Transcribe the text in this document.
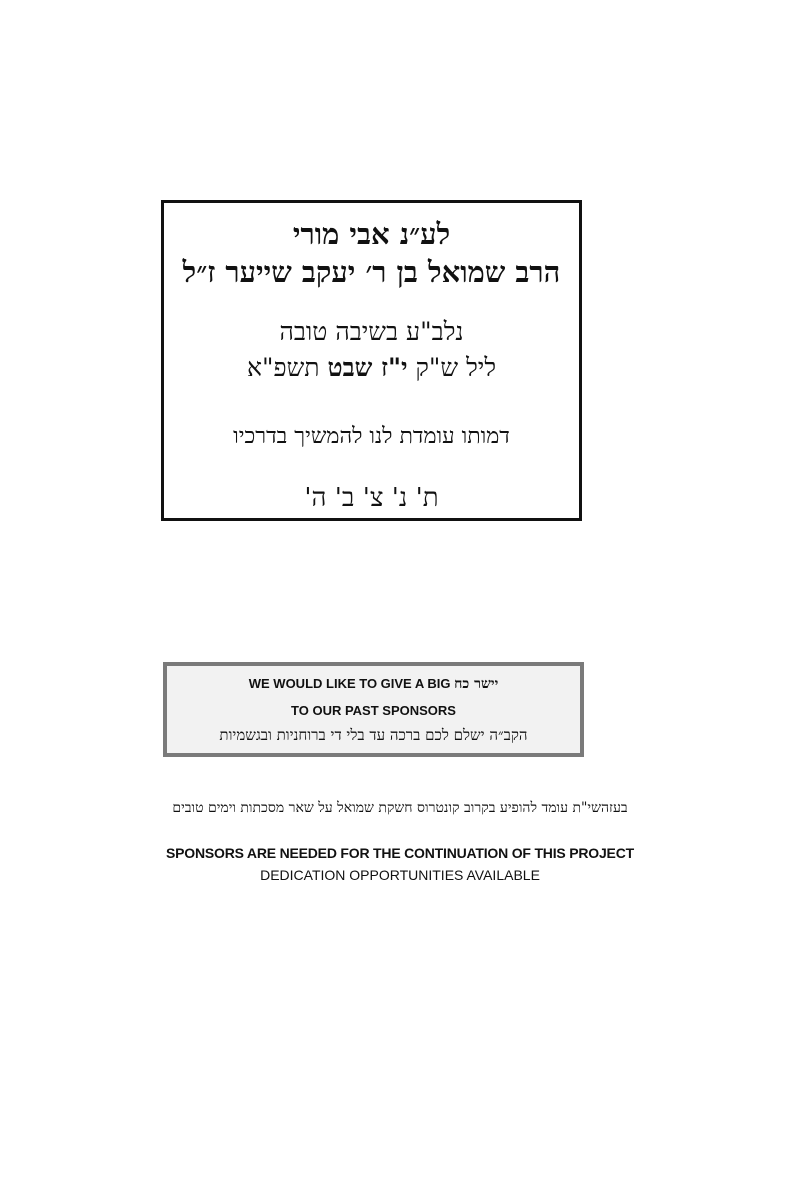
לע״נ אבי מורי
הרב שמואל בן ר׳ יעקב שייער ז״ל
נלב"ע בשיבה טובה
ליל ש"ק י"ז שבט תשפ"א
דמותו עומדת לנו להמשיך בדרכיו
ת' נ' צ' ב' ה'
WE WOULD LIKE TO GIVE A BIG יישר כח
TO OUR PAST SPONSORS
הקב״ה ישלם לכם ברכה עד בלי די ברוחניות ובגשמיות
בעזהשי"ת עומד להופיע בקרוב קונטרוס חשקת שמואל על שאר מסכתות וימים טובים
SPONSORS ARE NEEDED FOR THE CONTINUATION OF THIS PROJECT
DEDICATION OPPORTUNITIES AVAILABLE
